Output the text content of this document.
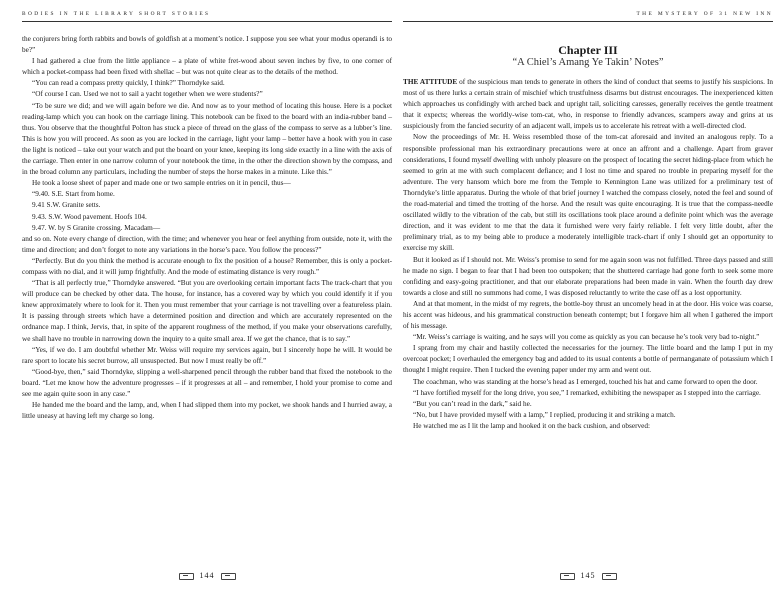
BODIES IN THE LIBRARY SHORT STORIES

the conjurers bring forth rabbits and bowls of goldfish at a moment’s notice. I suppose you see what your modus operandi is to be?”

I had gathered a clue from the little appliance – a plate of white fret-wood about seven inches by five, to one corner of which a pocket-compass had been fixed with shellac – but was not quite clear as to the details of the method.

“You can read a compass pretty quickly, I think?” Thorndyke said.

“Of course I can. Used we not to sail a yacht together when we were students?”

“To be sure we did; and we will again before we die. And now as to your method of locating this house. Here is a pocket reading-lamp which you can hook on the carriage lining. This notebook can be fixed to the board with an india-rubber band – thus. You observe that the thoughtful Polton has stuck a piece of thread on the glass of the compass to serve as a lubber’s line. This is how you will proceed. As soon as you are locked in the carriage, light your lamp – better have a hook with you in case the light is noticed – take out your watch and put the board on your knee, keeping its long side exactly in a line with the axis of the carriage. Then enter in one narrow column of your notebook the time, in the other the direction shown by the compass, and in the broad column any particulars, including the number of steps the horse makes in a minute. Like this.”

He took a loose sheet of paper and made one or two sample entries on it in pencil, thus—

“9.40. S.E. Start from home.

9.41 S.W. Granite setts.

9.43. S.W. Wood pavement. Hoofs 104.

9.47. W. by S Granite crossing. Macadam—

and so on. Note every change of direction, with the time; and whenever you hear or feel anything from outside, note it, with the time and direction; and don’t forget to note any variations in the horse’s pace. You follow the process?”

“Perfectly. But do you think the method is accurate enough to fix the position of a house? Remember, this is only a pocket-compass with no dial, and it will jump frightfully. And the mode of estimating distance is very rough.”

“That is all perfectly true,” Thorndyke answered. “But you are overlooking certain important facts The track-chart that you will produce can be checked by other data. The house, for instance, has a covered way by which you could identify it if you knew approximately where to look for it. Then you must remember that your carriage is not travelling over a featureless plain. It is passing through streets which have a determined position and direction and which are accurately represented on the ordnance map. I think, Jervis, that, in spite of the apparent roughness of the method, if you make your observations carefully, we shall have no trouble in narrowing down the inquiry to a quite small area. If we get the chance, that is to say.”

“Yes, if we do. I am doubtful whether Mr. Weiss will require my services again, but I sincerely hope he will. It would be rare sport to locate his secret burrow, all unsuspected. But now I must really be off.”

“Good-bye, then,” said Thorndyke, slipping a well-sharpened pencil through the rubber band that fixed the notebook to the board. “Let me know how the adventure progresses – if it progresses at all – and remember, I hold your promise to come and see me again quite soon in any case.”

He handed me the board and the lamp, and, when I had slipped them into my pocket, we shook hands and I hurried away, a little uneasy at having left my charge so long.

144
THE MYSTERY OF 31 NEW INN
Chapter III
“A Chiel’s Amang Ye Takin’ Notes”

THE ATTITUDE of the suspicious man tends to generate in others the kind of conduct that seems to justify his suspicions. In most of us there lurks a certain strain of mischief which trustfulness disarms but distrust encourages. The inexperienced kitten which approaches us confidingly with arched back and upright tail, soliciting caresses, generally receives the gentle treatment that it expects; whereas the worldly-wise tom-cat, who, in response to friendly advances, scampers away and grins at us suspiciously from the fancied security of an adjacent wall, impels us to accelerate his retreat with a well-directed clod.

Now the proceedings of Mr. H. Weiss resembled those of the tom-cat aforesaid and invited an analogous reply. To a responsible professional man his extraordinary precautions were at once an affront and a challenge. Apart from graver considerations, I found myself dwelling with unholy pleasure on the prospect of locating the secret hiding-place from which he seemed to grin at me with such complacent defiance; and I lost no time and spared no trouble in preparing myself for the adventure. The very hansom which bore me from the Temple to Kennington Lane was utilized for a preliminary test of Thorndyke’s little apparatus. During the whole of that brief journey I watched the compass closely, noted the feel and sound of the road-material and timed the trotting of the horse. And the result was quite encouraging. It is true that the compass-needle oscillated wildly to the vibration of the cab, but still its oscillations took place around a definite point which was the average direction, and it was evident to me that the data it furnished were very fairly reliable. I felt very little doubt, after the preliminary trial, as to my being able to produce a moderately intelligible track-chart if only I should get an opportunity to exercise my skill.

But it looked as if I should not. Mr. Weiss’s promise to send for me again soon was not fulfilled. Three days passed and still he made no sign. I began to fear that I had been too outspoken; that the shuttered carriage had gone forth to seek some more confiding and easy-going practitioner, and that our elaborate preparations had been made in vain. When the fourth day drew towards a close and still no summons had come, I was disposed reluctantly to write the case off as a lost opportunity.

And at that moment, in the midst of my regrets, the bottle-boy thrust an uncomely head in at the door. His voice was coarse, his accent was hideous, and his grammatical construction beneath contempt; but I forgave him all when I gathered the import of his message.

“Mr. Weiss’s carriage is waiting, and he says will you come as quickly as you can because he’s took very bad to-night.”

I sprang from my chair and hastily collected the necessaries for the journey. The little board and the lamp I put in my overcoat pocket; I overhauled the emergency bag and added to its usual contents a bottle of permanganate of potassium which I thought I might require. Then I tucked the evening paper under my arm and went out.

The coachman, who was standing at the horse’s head as I emerged, touched his hat and came forward to open the door.

“I have fortified myself for the long drive, you see,” I remarked, exhibiting the newspaper as I stepped into the carriage.

“But you can’t read in the dark,” said he.

“No, but I have provided myself with a lamp,” I replied, producing it and striking a match.

He watched me as I lit the lamp and hooked it on the back cushion, and observed:

145
